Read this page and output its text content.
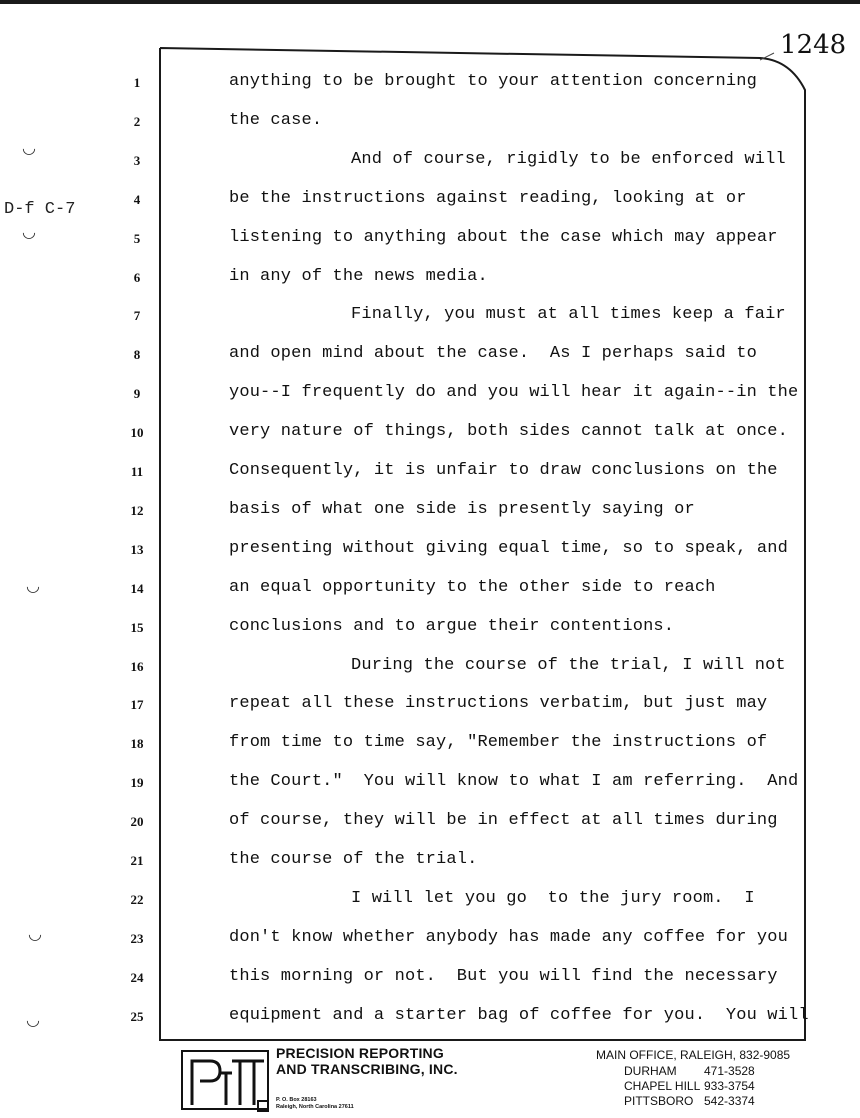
1248
D-f C-7
◡
◡
◡
◡
◡
1	anything to be brought to your attention concerning
2	the case.
3	And of course, rigidly to be enforced will
4	be the instructions against reading, looking at or
5	listening to anything about the case which may appear
6	in any of the news media.
7	Finally, you must at all times keep a fair
8	and open mind about the case.  As I perhaps said to
9	you--I frequently do and you will hear it again--in the
10	very nature of things, both sides cannot talk at once.
11	Consequently, it is unfair to draw conclusions on the
12	basis of what one side is presently saying or
13	presenting without giving equal time, so to speak, and
14	an equal opportunity to the other side to reach
15	conclusions and to argue their contentions.
16	During the course of the trial, I will not
17	repeat all these instructions verbatim, but just may
18	from time to time say, "Remember the instructions of
19	the Court."  You will know to what I am referring.  And
20	of course, they will be in effect at all times during
21	the course of the trial.
22	I will let you go  to the jury room.  I
23	don't know whether anybody has made any coffee for you
24	this morning or not.  But you will find the necessary
25	equipment and a starter bag of coffee for you.  You will
PRECISION REPORTING
AND TRANSCRIBING, INC.
P. O. Box 28163
Raleigh, North Carolina 27611
MAIN OFFICE, RALEIGH, 832-9085
DURHAM	471-3528
CHAPEL HILL 933-3754
PITTSBORO 542-3374
